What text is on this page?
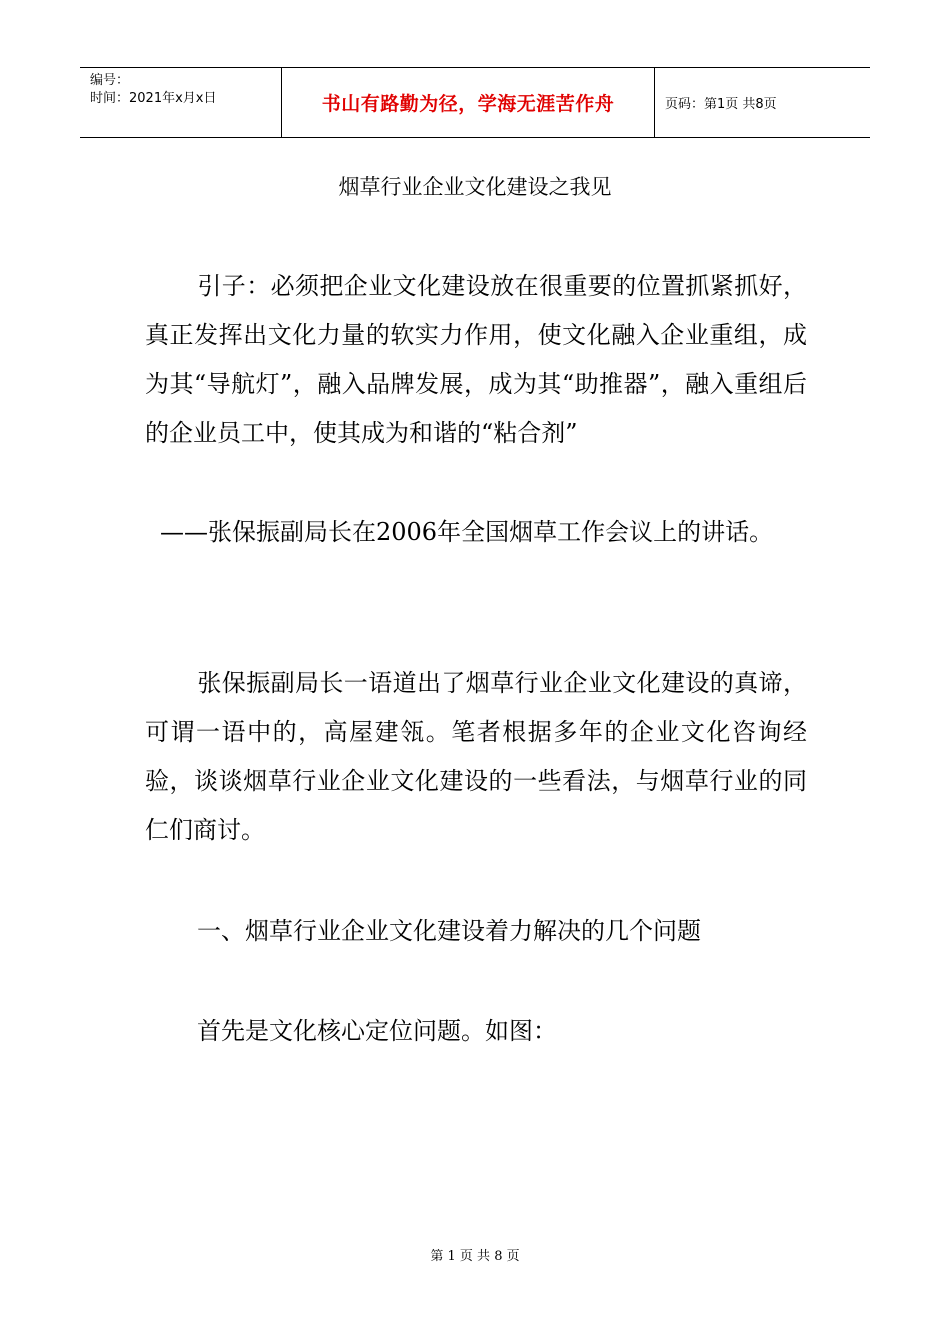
编号：
时间：2021年x月x日	书山有路勤为径，学海无涯苦作舟	页码：第1页 共8页
烟草行业企业文化建设之我见

引子：必须把企业文化建设放在很重要的位置抓紧抓好，真正发挥出文化力量的软实力作用，使文化融入企业重组，成为其“导航灯”，融入品牌发展，成为其“助推器”，融入重组后的企业员工中，使其成为和谐的“粘合剂”

——张保振副局长在2006年全国烟草工作会议上的讲话。

张保振副局长一语道出了烟草行业企业文化建设的真谛，可谓一语中的，高屋建瓴。笔者根据多年的企业文化咨询经验，谈谈烟草行业企业文化建设的一些看法，与烟草行业的同仁们商讨。

一、烟草行业企业文化建设着力解决的几个问题
首先是文化核心定位问题。如图：
第 1 页 共 8 页
